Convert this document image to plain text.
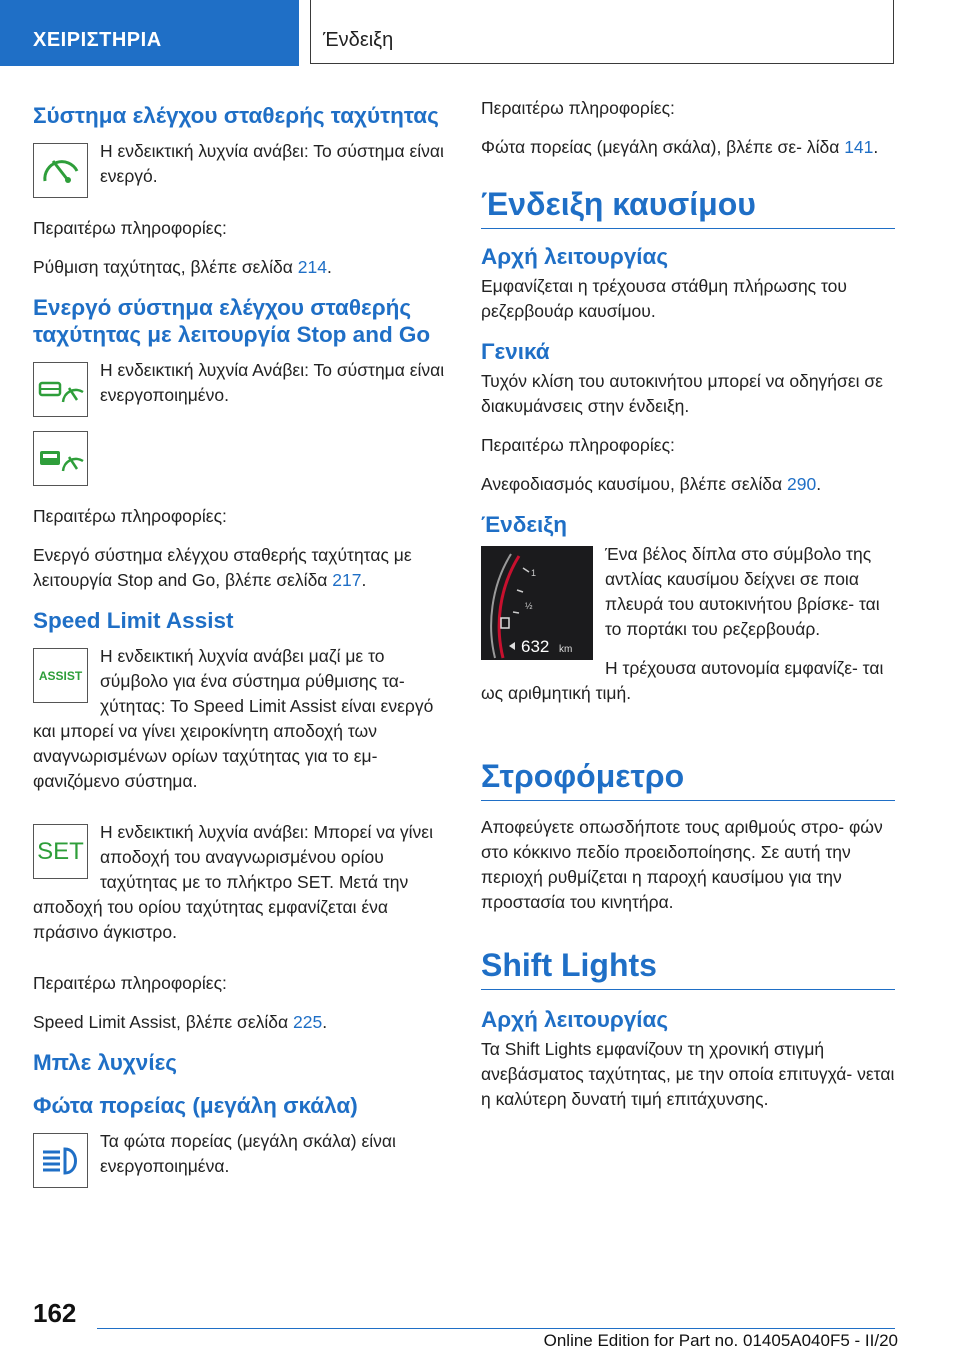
ΧΕΙΡΙΣΤΗΡΙΑ	Ένδειξη
Σύστημα ελέγχου σταθερής ταχύτητας

Η ενδεικτική λυχνία ανάβει: Το σύστημα είναι ενεργό.

Περαιτέρω πληροφορίες:

Ρύθμιση ταχύτητας, βλέπε σελίδα 214.

Ενεργό σύστημα ελέγχου σταθερής ταχύτητας με λειτουργία Stop and Go

Η ενδεικτική λυχνία Ανάβει: Το σύστημα είναι ενεργοποιημένο.

Περαιτέρω πληροφορίες:

Ενεργό σύστημα ελέγχου σταθερής ταχύτητας με λειτουργία Stop and Go, βλέπε σελίδα 217.

Speed Limit Assist
ASSIST

Η ενδεικτική λυχνία ανάβει μαζί με το σύμβολο για ένα σύστημα ρύθμισης τα- χύτητας: Το Speed Limit Assist είναι ενεργό και μπορεί να γίνει χειροκίνητη αποδοχή των αναγνωρισμένων ορίων ταχύτητας για το εμ- φανιζόμενο σύστημα.

SET

Η ενδεικτική λυχνία ανάβει: Μπορεί να γίνει αποδοχή του αναγνωρισμένου ορίου ταχύτητας με το πλήκτρο SET. Μετά την αποδοχή του ορίου ταχύτητας εμφανίζεται ένα πράσινο άγκιστρο.

Περαιτέρω πληροφορίες:

Speed Limit Assist, βλέπε σελίδα 225.

Μπλε λυχνίες
Φώτα πορείας (μεγάλη σκάλα)

Τα φώτα πορείας (μεγάλη σκάλα) είναι ενεργοποιημένα.

Περαιτέρω πληροφορίες:

Φώτα πορείας (μεγάλη σκάλα), βλέπε σε- λίδα 141.

Ένδειξη καυσίμου
Αρχή λειτουργίας

Εμφανίζεται η τρέχουσα στάθμη πλήρωσης του ρεζερβουάρ καυσίμου.

Γενικά

Τυχόν κλίση του αυτοκινήτου μπορεί να οδηγήσει σε διακυμάνσεις στην ένδειξη.

Περαιτέρω πληροφορίες:

Ανεφοδιασμός καυσίμου, βλέπε σελίδα 290.

Ένδειξη
1
½
632 km

Ένα βέλος δίπλα στο σύμβολο της αντλίας καυσίμου δείχνει σε ποια πλευρά του αυτοκινήτου βρίσκε- ται το πορτάκι του ρεζερβουάρ.

Η τρέχουσα αυτονομία εμφανίζε- ται ως αριθμητική τιμή.

Στροφόμετρο

Αποφεύγετε οπωσδήποτε τους αριθμούς στρο- φών στο κόκκινο πεδίο προειδοποίησης. Σε αυτή την περιοχή ρυθμίζεται η παροχή καυσίμου για την προστασία του κινητήρα.

Shift Lights
Αρχή λειτουργίας

Τα Shift Lights εμφανίζουν τη χρονική στιγμή ανεβάσματος ταχύτητας, με την οποία επιτυγχά- νεται η καλύτερη δυνατή τιμή επιτάχυνσης.

162
Online Edition for Part no. 01405A040F5 - II/20
